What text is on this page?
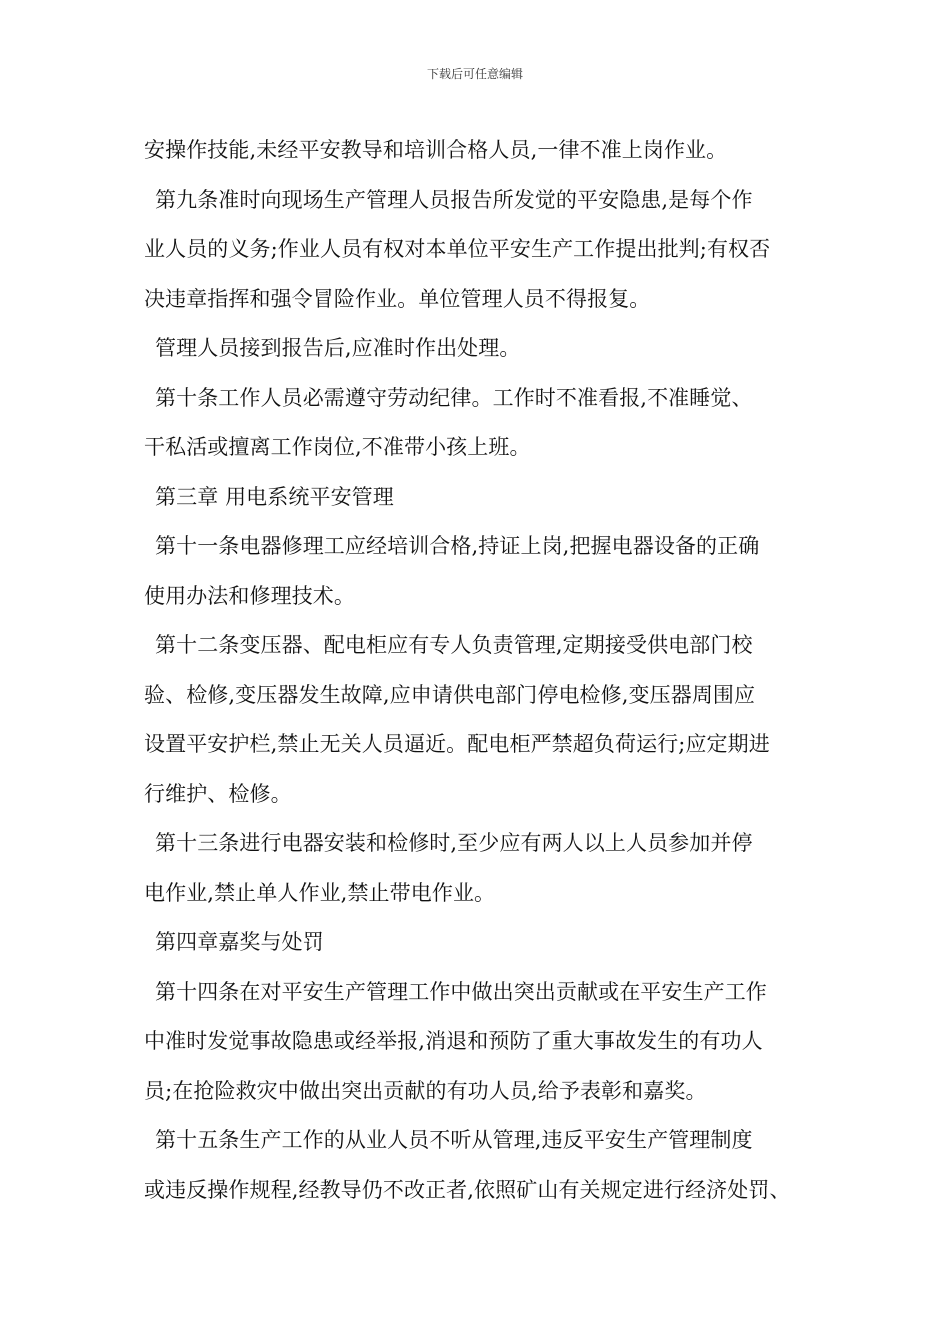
下载后可任意编辑
安操作技能,未经平安教导和培训合格人员,一律不准上岗作业。
第九条准时向现场生产管理人员报告所发觉的平安隐患,是每个作
业人员的义务;作业人员有权对本单位平安生产工作提出批判;有权否
决违章指挥和强令冒险作业。单位管理人员不得报复。
管理人员接到报告后,应准时作出处理。
第十条工作人员必需遵守劳动纪律。工作时不准看报,不准睡觉、
干私活或擅离工作岗位,不准带小孩上班。
第三章 用电系统平安管理
第十一条电器修理工应经培训合格,持证上岗,把握电器设备的正确
使用办法和修理技术。
第十二条变压器、配电柜应有专人负责管理,定期接受供电部门校
验、检修,变压器发生故障,应申请供电部门停电检修,变压器周围应
设置平安护栏,禁止无关人员逼近。配电柜严禁超负荷运行;应定期进
行维护、检修。
第十三条进行电器安装和检修时,至少应有两人以上人员参加并停
电作业,禁止单人作业,禁止带电作业。
第四章嘉奖与处罚
第十四条在对平安生产管理工作中做出突出贡献或在平安生产工作
中准时发觉事故隐患或经举报,消退和预防了重大事故发生的有功人
员;在抢险救灾中做出突出贡献的有功人员,给予表彰和嘉奖。
第十五条生产工作的从业人员不听从管理,违反平安生产管理制度
或违反操作规程,经教导仍不改正者,依照矿山有关规定进行经济处罚、
